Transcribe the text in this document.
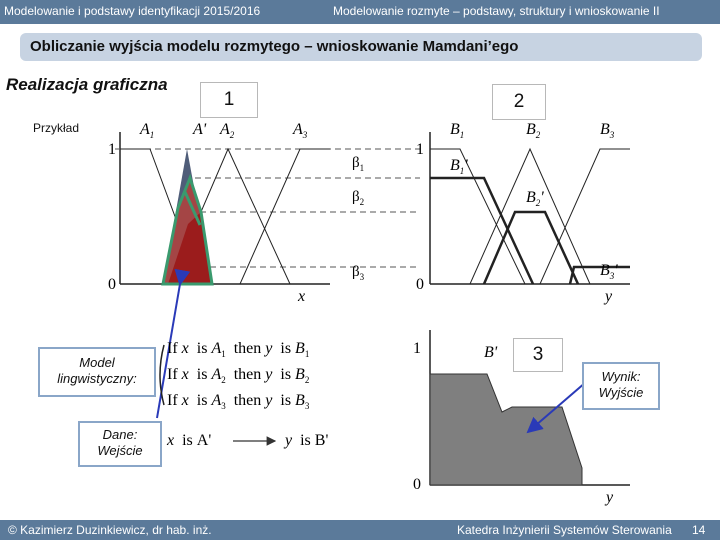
Modelowanie i podstawy identyfikacji 2015/2016	Modelowanie rozmyte – podstawy, struktury i wnioskowanie II
Obliczanie wyjścia modelu rozmytego – wnioskowanie Mamdani’ego
Realizacja graficzna
Przykład
1	2
3
1
0
x
$A_1$ A' $A_2$	$A_3$
$\beta_1$
$\beta_2$
$\beta_3$
1
0
y
$B_1$	$B_2$	$B_3$
$B_1'$
$B_2'$
$B_3'$
1
0
B'
y
Model
lingwistyczny:
Dane:
Wejście
Wynik:
Wyjście
If x is $A_1$ then y is $B_1$
If x is $A_2$ then y is $B_2$
If x is $A_3$ then y is $B_3$
x is A'	y is B'
© Kazimierz Duzinkiewicz, dr hab. inż.	Katedra Inżynierii Systemów Sterowania 14
